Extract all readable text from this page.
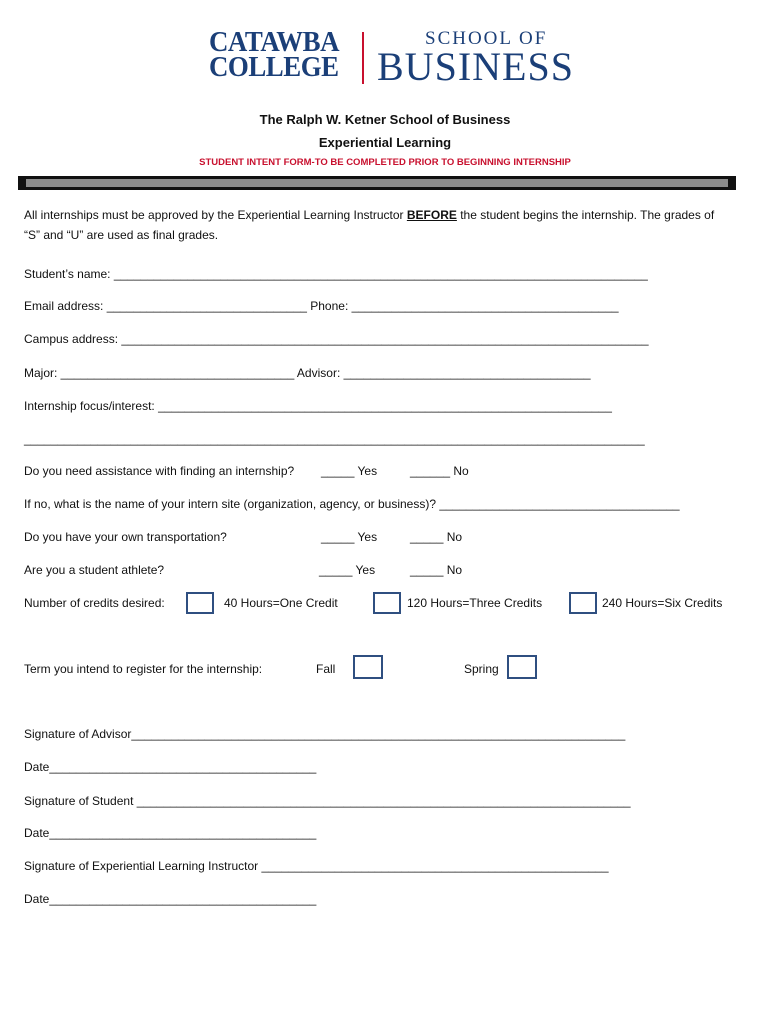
CATAWBA
COLLEGE
SCHOOL OF
BUSINESS
The Ralph W. Ketner School of Business
Experiential Learning
STUDENT INTENT FORM-TO BE COMPLETED PRIOR TO BEGINNING INTERNSHIP
All internships must be approved by the Experiential Learning Instructor BEFORE the student begins the internship. The grades of “S” and “U” are used as final grades.
Student’s name: ________________________________________________________________________________
Email address: ______________________________ Phone: ________________________________________
Campus address: _______________________________________________________________________________
Major: ___________________________________ Advisor: _____________________________________
Internship focus/interest: ____________________________________________________________________
_____________________________________________________________________________________________
Do you need assistance with finding an internship? _____ Yes	______ No
If no, what is the name of your intern site (organization, agency, or business)? ____________________________________
Do you have your own transportation?	_____ Yes	_____ No
Are you a student athlete?	_____ Yes	_____ No
Number of credits desired:	40 Hours=One Credit	120 Hours=Three Credits	240 Hours=Six Credits
Term you intend to register for the internship:	Fall	Spring
Signature of Advisor__________________________________________________________________________
Date________________________________________
Signature of Student __________________________________________________________________________
Date________________________________________
Signature of Experiential Learning Instructor ____________________________________________________
Date________________________________________
